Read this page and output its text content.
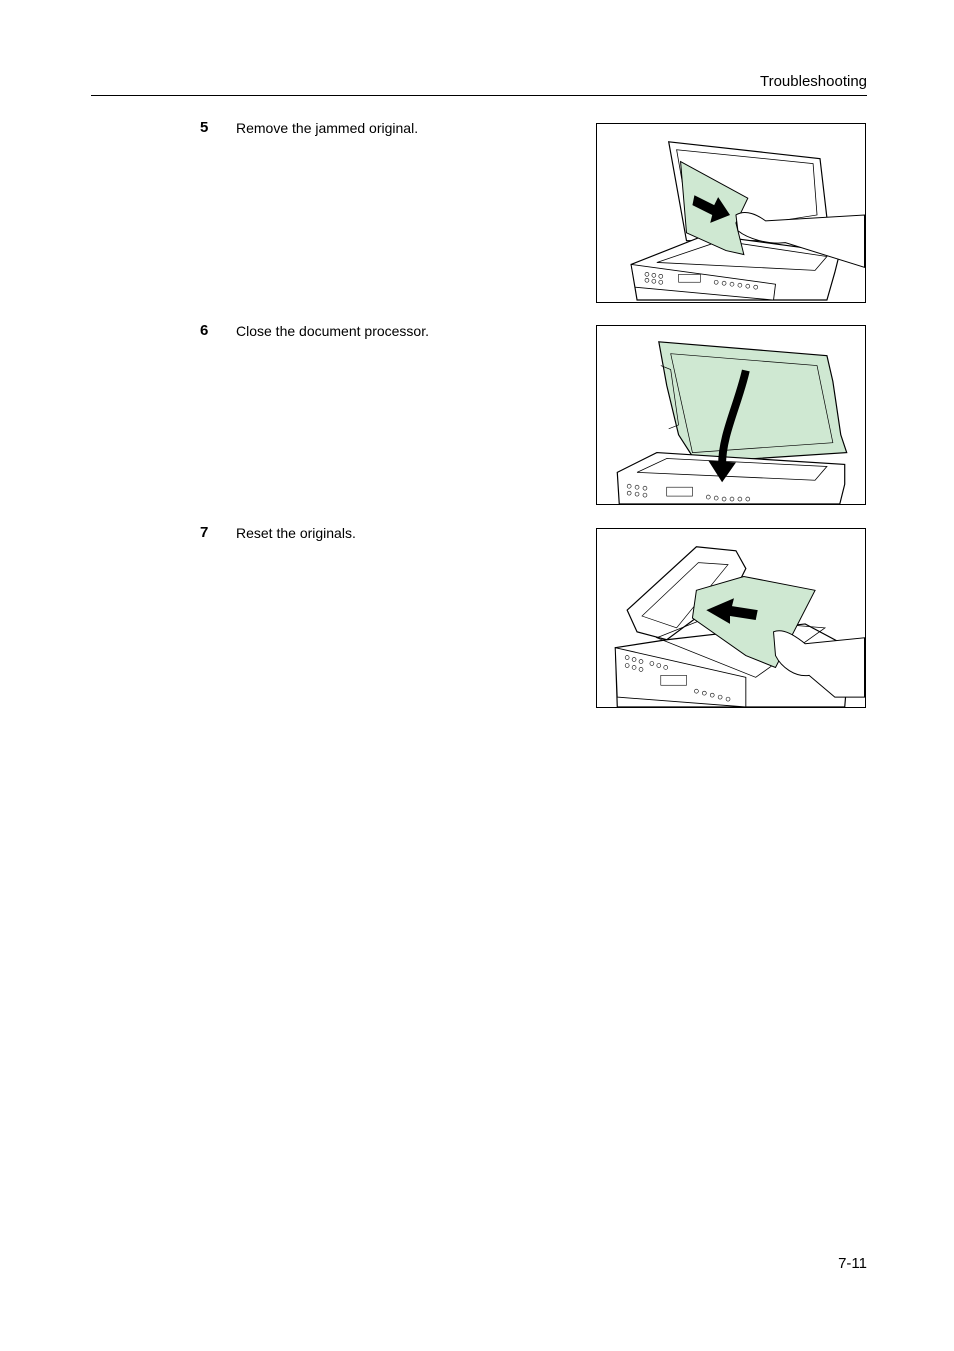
Troubleshooting
5 Remove the jammed original.
6 Close the document processor.
7 Reset the originals.
7-11
